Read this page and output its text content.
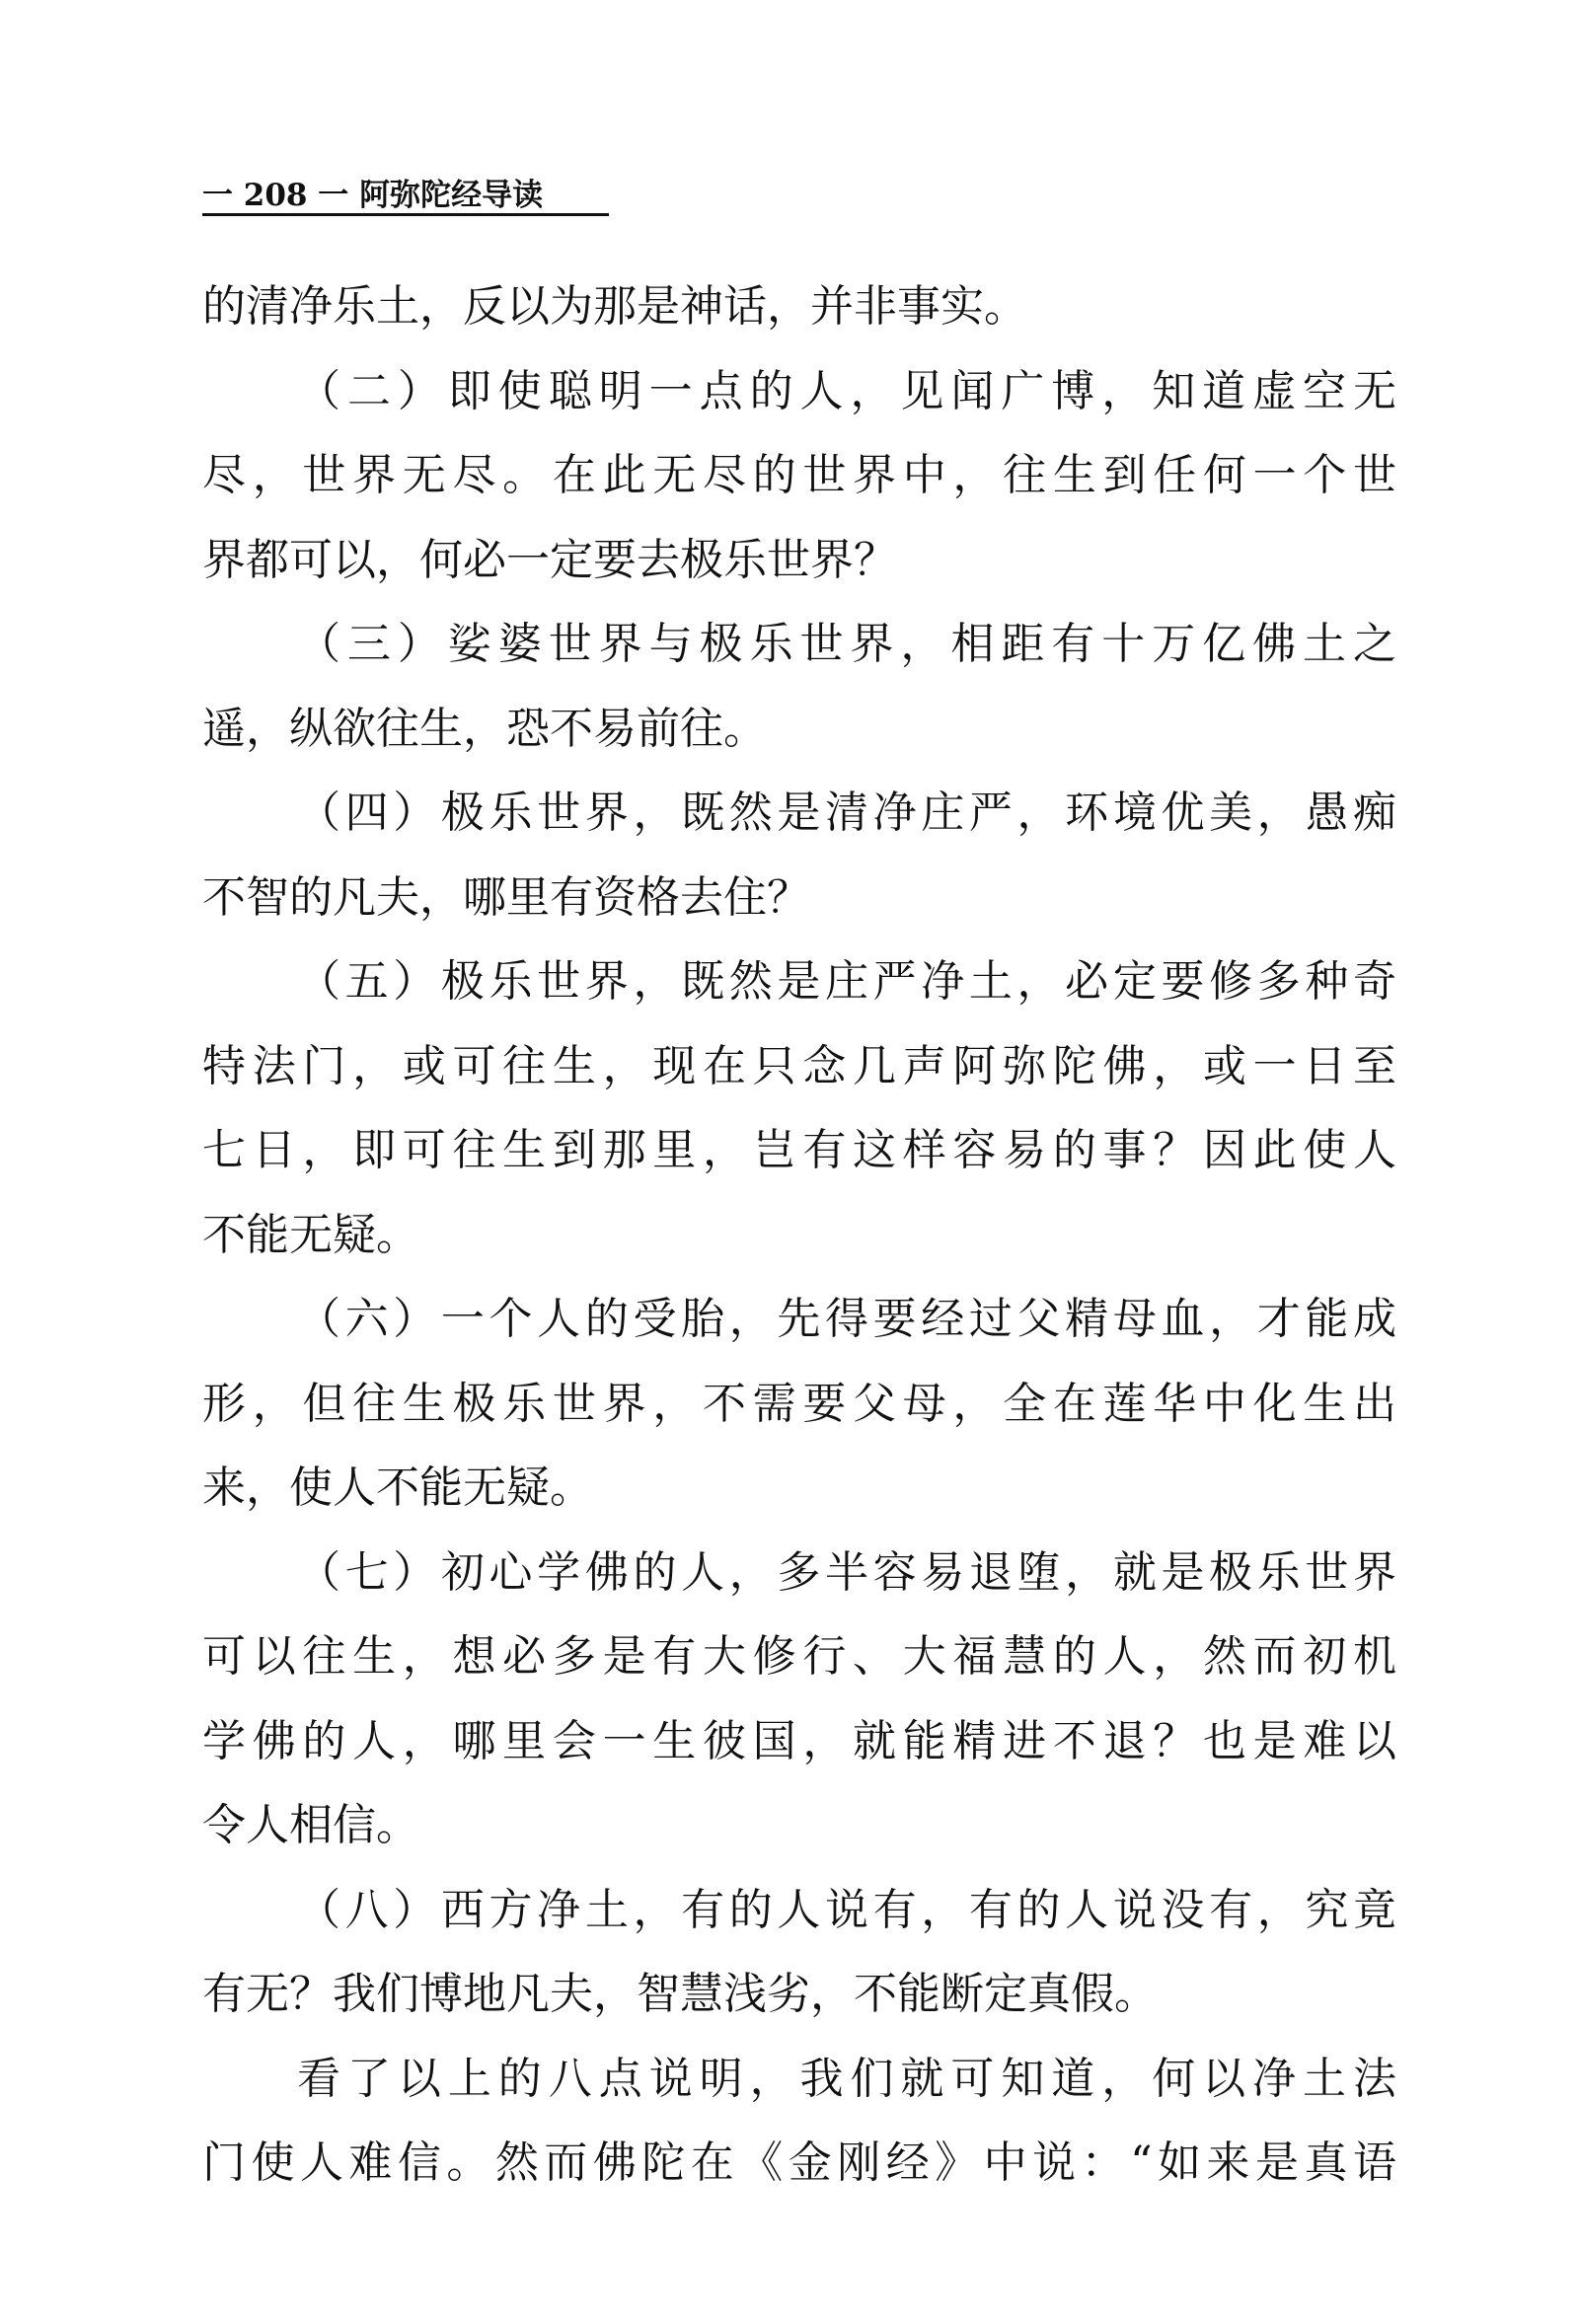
一 208 一 阿弥陀经导读
的清净乐土，反以为那是神话，并非事实。
（二）即使聪明一点的人，见闻广博，知道虚空无
尽，世界无尽。在此无尽的世界中，往生到任何一个世
界都可以，何必一定要去极乐世界？
（三）娑婆世界与极乐世界，相距有十万亿佛土之
遥，纵欲往生，恐不易前往。
（四）极乐世界，既然是清净庄严，环境优美，愚痴
不智的凡夫，哪里有资格去住？
（五）极乐世界，既然是庄严净土，必定要修多种奇
特法门，或可往生，现在只念几声阿弥陀佛，或一日至
七日，即可往生到那里，岂有这样容易的事？因此使人
不能无疑。
（六）一个人的受胎，先得要经过父精母血，才能成
形，但往生极乐世界，不需要父母，全在莲华中化生出
来，使人不能无疑。
（七）初心学佛的人，多半容易退堕，就是极乐世界
可以往生，想必多是有大修行、大福慧的人，然而初机
学佛的人，哪里会一生彼国，就能精进不退？也是难以
令人相信。
（八）西方净土，有的人说有，有的人说没有，究竟
有无？我们博地凡夫，智慧浅劣，不能断定真假。
看了以上的八点说明，我们就可知道，何以净土法
门使人难信。然而佛陀在《金刚经》中说：“如来是真语
